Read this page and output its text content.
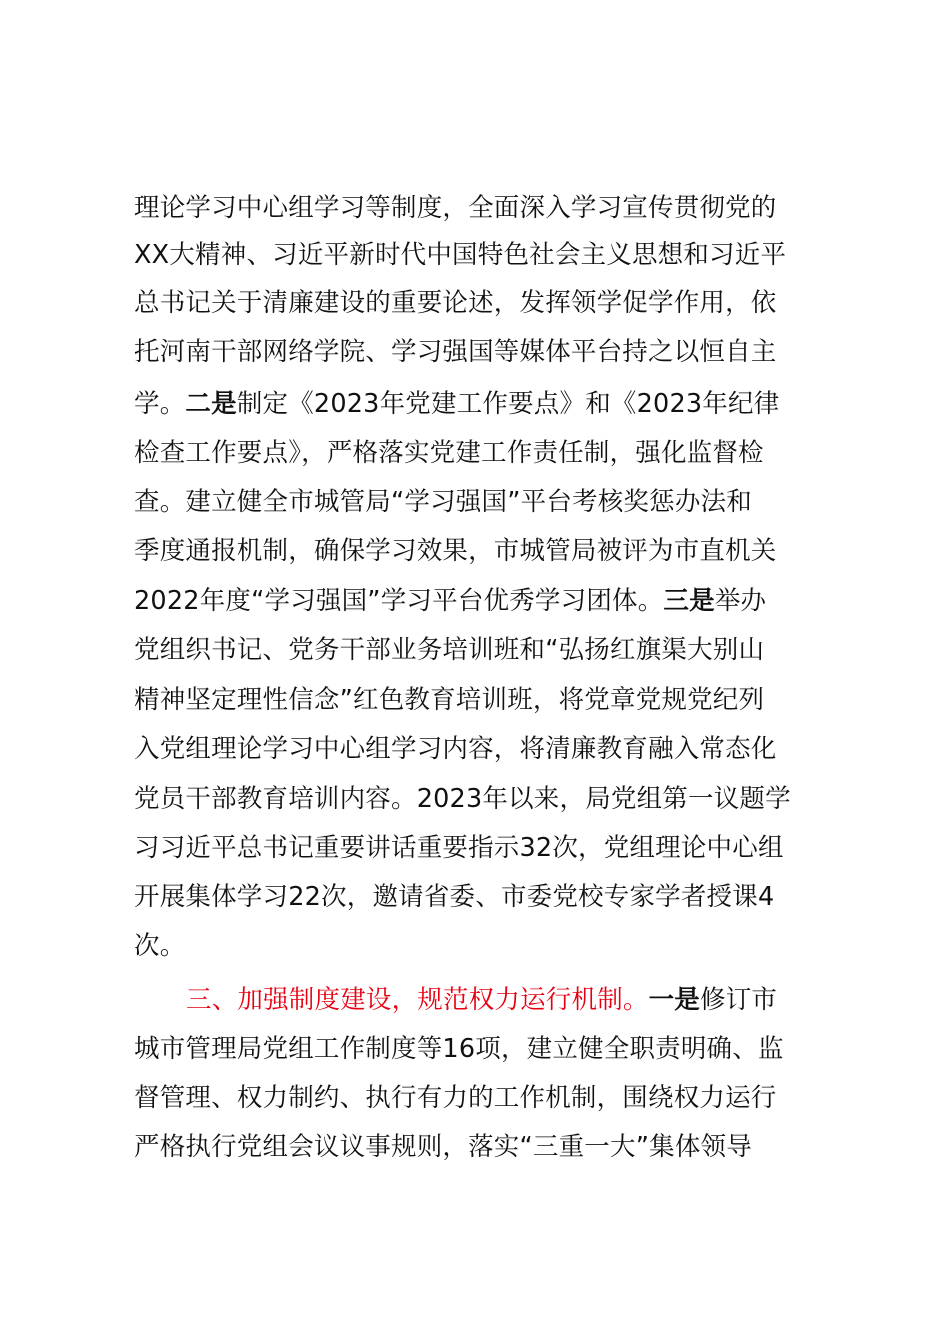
理论学习中心组学习等制度，全面深入学习宣传贯彻党的
XX大精神、习近平新时代中国特色社会主义思想和习近平
总书记关于清廉建设的重要论述，发挥领学促学作用，依
托河南干部网络学院、学习强国等媒体平台持之以恒自主
学。二是制定《2023年党建工作要点》和《2023年纪律
检查工作要点》，严格落实党建工作责任制，强化监督检
查。建立健全市城管局“学习强国”平台考核奖惩办法和
季度通报机制，确保学习效果，市城管局被评为市直机关
2022年度“学习强国”学习平台优秀学习团体。三是举办
党组织书记、党务干部业务培训班和“弘扬红旗渠大别山
精神坚定理性信念”红色教育培训班，将党章党规党纪列
入党组理论学习中心组学习内容，将清廉教育融入常态化
党员干部教育培训内容。2023年以来，局党组第一议题学
习习近平总书记重要讲话重要指示32次，党组理论中心组
开展集体学习22次，邀请省委、市委党校专家学者授课4
次。
三、加强制度建设，规范权力运行机制。一是修订市
城市管理局党组工作制度等16项，建立健全职责明确、监
督管理、权力制约、执行有力的工作机制，围绕权力运行
严格执行党组会议议事规则，落实“三重一大”集体领导
